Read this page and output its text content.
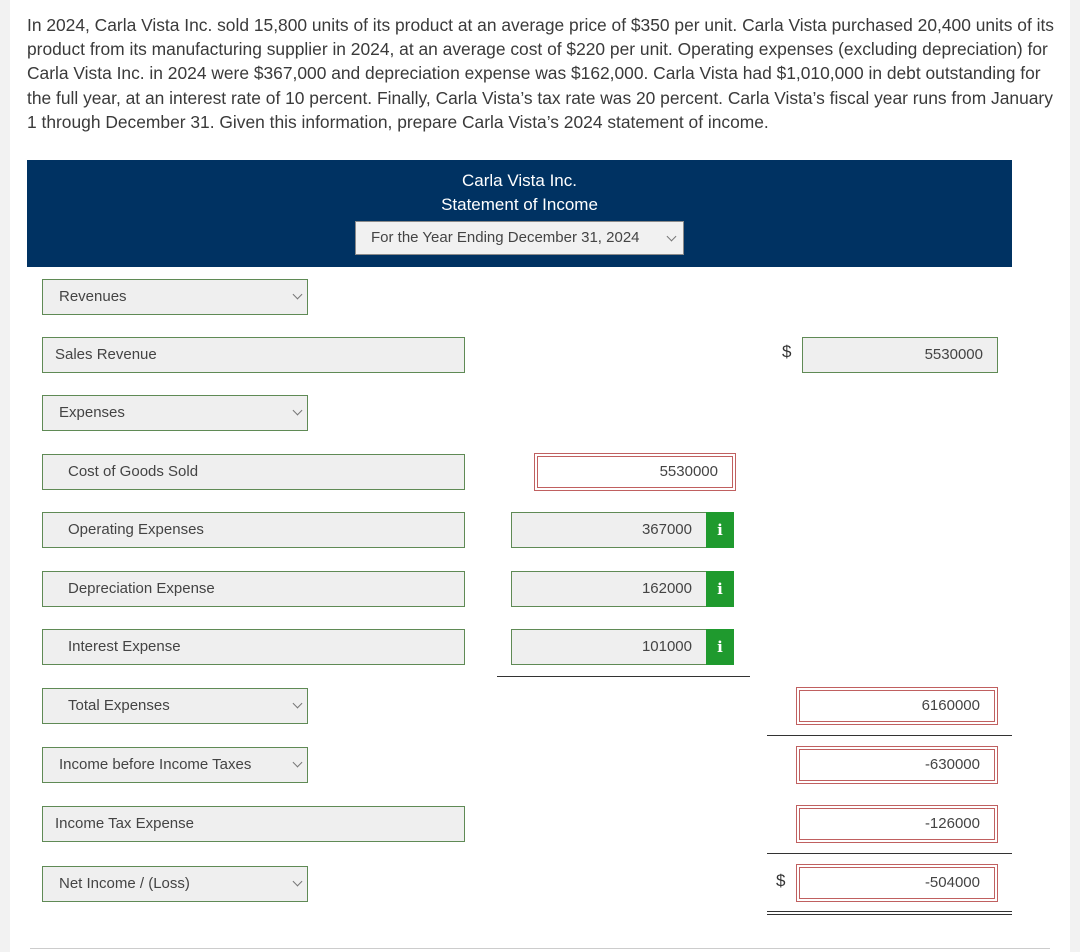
In 2024, Carla Vista Inc. sold 15,800 units of its product at an average price of $350 per unit. Carla Vista purchased 20,400 units of its product from its manufacturing supplier in 2024, at an average cost of $220 per unit. Operating expenses (excluding depreciation) for Carla Vista Inc. in 2024 were $367,000 and depreciation expense was $162,000. Carla Vista had $1,010,000 in debt outstanding for the full year, at an interest rate of 10 percent. Finally, Carla Vista’s tax rate was 20 percent. Carla Vista’s fiscal year runs from January 1 through December 31. Given this information, prepare Carla Vista’s 2024 statement of income.
Carla Vista Inc.
Statement of Income
For the Year Ending December 31, 2024
Revenues
Sales Revenue	$	5530000
Expenses
Cost of Goods Sold	5530000
Operating Expenses	367000	i
Depreciation Expense	162000	i
Interest Expense	101000	i
Total Expenses	6160000
Income before Income Taxes	-630000
Income Tax Expense	-126000
Net Income / (Loss)	$	-504000
